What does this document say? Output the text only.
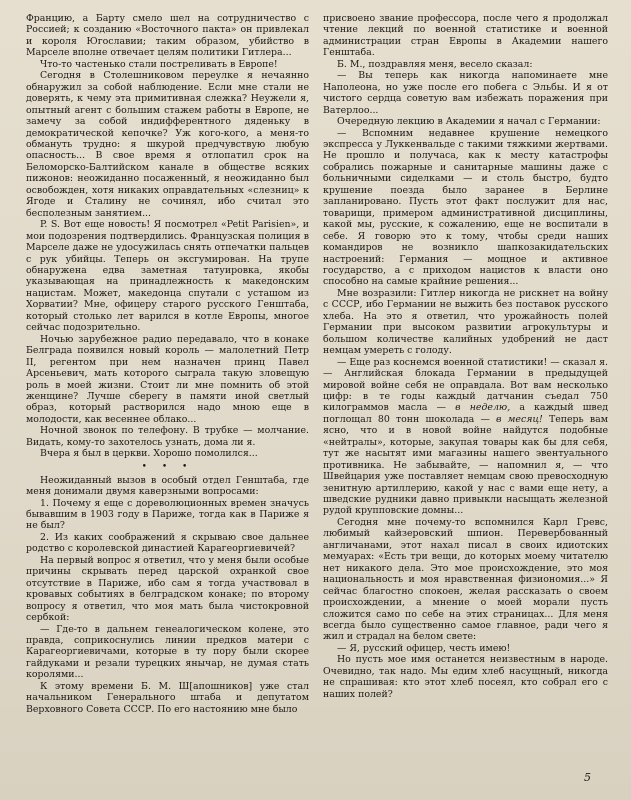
Францию, а Барту смело шел на сотрудничество с Россией; к созданию «Восточного пакта» он привлекал и короля Югославии; таким образом, убийство в Марселе вполне отвечает целям политики Гитлера...

Что-то частенько стали постреливать в Европе!

Сегодня в Столешниковом переулке я нечаянно обнаружил за собой наблюдение. Если мне стали не доверять, к чему эта примитивная слежка? Неужели я, опытный агент с большим стажем работы в Европе, не замечу за собой индифферентного дяденьку в демократической кепочке? Уж кого-кого, а меня-то обмануть трудно: я шкурой предчувствую любую опасность... В свое время я отлопатил срок на Беломорско-Балтийском канале в обществе всяких пижонов: неожиданно посаженный, я неожиданно был освобожден, хотя никаких оправдательных «слезниц» к Ягоде и Сталину не сочинял, ибо считал это бесполезным занятием...

P. S. Вот еще новость! Я посмотрел «Petit Parisien», и мои подозрения подтвердились. Французская полиция в Марселе даже не удосужилась снять отпечатки пальцев с рук убийцы. Теперь он эксгумирован. На трупе обнаружена едва заметная татуировка, якобы указывающая на принадлежность к македонским нацистам. Может, македонца спутали с усташом из Хорватии? Мне, офицеру старого русского Генштаба, который столько лет варился в котле Европы, многое сейчас подозрительно.

Ночью зарубежное радио передавало, что в конаке Белграда появился новый король — малолетний Петр II, регентом при нем назначен принц Павел Арсеньевич, мать которого сыграла такую зловещую роль в моей жизни. Стоит ли мне помнить об этой женщине? Лучше сберегу в памяти иной светлый образ, который растворился надо мною еще в молодости, как весеннее облако...

Ночной звонок по телефону. В трубке — молчание. Видать, кому-то захотелось узнать, дома ли я.

Вчера я был в церкви. Хорошо помолился...

• • •

Неожиданный вызов в особый отдел Генштаба, где меня донимали двумя каверзными вопросами:

1. Почему я еще с дореволюционных времен значусь бывавшим в 1903 году в Париже, тогда как в Париже я не был?

2. Из каких соображений я скрываю свое дальнее родство с королевской династией Карагеоргиевичей?

На первый вопрос я ответил, что у меня были особые причины скрывать перед царской охранкой свое отсутствие в Париже, ибо сам я тогда участвовал в кровавых событиях в белградском конаке; по второму вопросу я ответил, что моя мать была чистокровной сербкой:

— Где-то в дальнем генеалогическом колене, это правда, соприкоснулись линии предков матери с Карагеоргиевичами, которые в ту пору были скорее гайдуками и резали турецких янычар, не думая стать королями...

К этому времени Б. М. Ш[апошников] уже стал начальником Генерального штаба и депутатом Верховного Совета СССР. По его настоянию мне было

присвоено звание профессора, после чего я продолжал чтение лекций по военной статистике и военной администрации стран Европы в Академии нашего Генштаба.

Б. М., поздравляя меня, весело сказал:

— Вы теперь как никогда напоминаете мне Наполеона, но уже после его побега с Эльбы. И я от чистого сердца советую вам избежать поражения при Ватерлоо...

Очередную лекцию в Академии я начал с Германии:

— Вспомним недавнее крушение немецкого экспресса у Луккенвальде с такими тяжкими жертвами. Не прошло и получаса, как к месту катастрофы собрались пожарные и санитарные машины даже с больничными сиделками — и столь быстро, будто крушение поезда было заранее в Берлине запланировано. Пусть этот факт послужит для нас, товарищи, примером административной дисциплины, какой мы, русские, к сожалению, еще не воспитали в себе. Я говорю это к тому, чтобы среди наших командиров не возникло шапкозакидательских настроений: Германия — мощное и активное государство, а с приходом нацистов к власти оно способно на самые крайние решения...

Мне возразили: Гитлер никогда не рискнет на войну с СССР, ибо Германии не выжить без поставок русского хлеба. На это я ответил, что урожайность полей Германии при высоком развитии агрокультуры и большом количестве калийных удобрений не даст немцам умереть с голоду.

— Еще раз коснемся военной статистики! — сказал я. — Английская блокада Германии в предыдущей мировой войне себя не оправдала. Вот вам несколько цифр: в те годы каждый датчанин съедал 750 килограммов масла — в неделю, а каждый швед поглощал 80 тонн шоколада — в месяц! Теперь вам ясно, что и в новой войне найдутся подобные «нейтралы», которые, закупая товары как бы для себя, тут же насытят ими магазины нашего эвентуального противника. Не забывайте, — напомнил я, — что Швейцария уже поставляет немцам свою превосходную зенитную артиллерию, какой у нас с вами еще нету, а шведские рудники давно привыкли насыщать железной рудой крупповские домны...

Сегодня мне почему-то вспомнился Карл Гревс, любимый кайзеровский шпион. Перевербованный англичанами, этот нахал писал в своих идиотских мемуарах: «Есть три вещи, до которых моему читателю нет никакого дела. Это мое происхождение, это моя национальность и моя нравственная физиономия...» Я сейчас благостно спокоен, желая рассказать о своем происхождении, а мнение о моей морали пусть сложится само по себе на этих страницах... Для меня всегда было существенно самое главное, ради чего я жил и страдал на белом свете:

— Я, русский офицер, честь имею!

Но пусть мое имя останется неизвестным в народе. Очевидно, так надо. Мы едим хлеб насущный, никогда не спрашивая: кто этот хлеб посеял, кто собрал его с наших полей?

5
